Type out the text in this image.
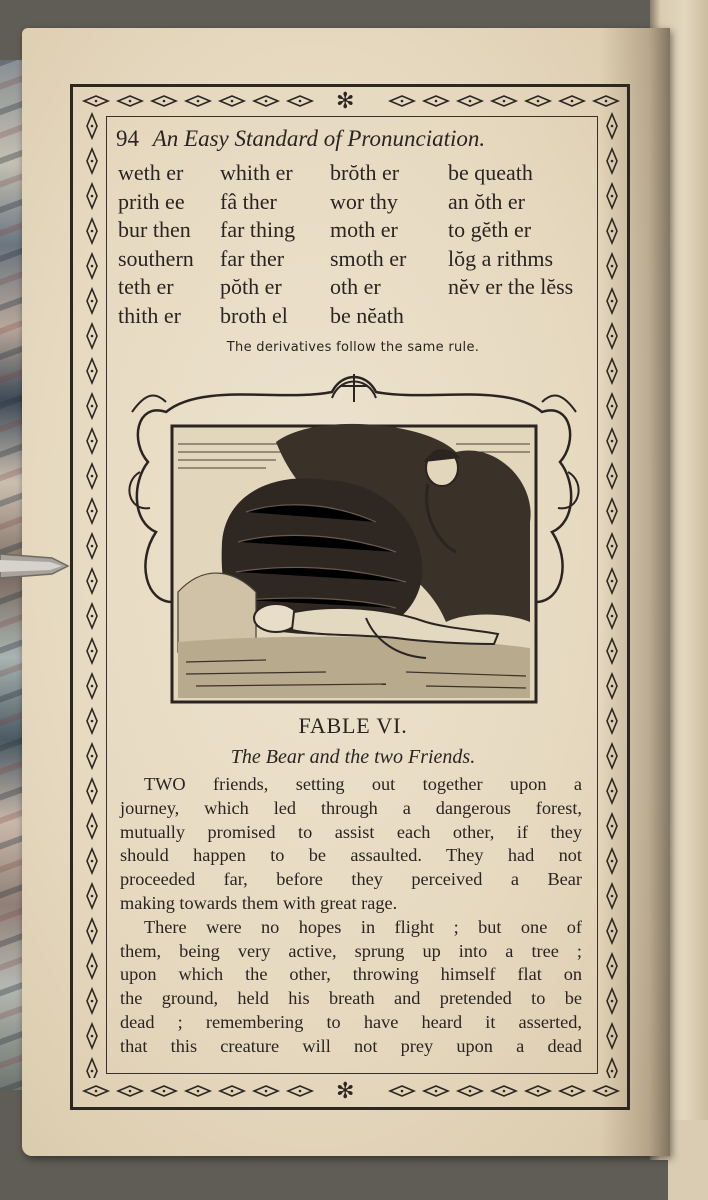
✻
✻
94 An Easy Standard of Pronunciation.
weth er whith er brŏth er be queath
prith ee fâ ther wor thy an ŏth er
bur then far thing moth er to gĕth er
southern far ther smoth er lŏg a rithms
teth er pŏth er oth er	nĕv er the lĕss
thith er broth el be nĕath
The derivatives follow the same rule.
FABLE VI.
The Bear and the two Friends.
TWO friends, setting out together upon a
journey, which led through a dangerous forest,
mutually promised to assist each other, if they
should happen to be assaulted. They had not
proceeded far, before they perceived a Bear
making towards them with great rage.
There were no hopes in flight ; but one of
them, being very active, sprung up into a tree ;
upon which the other, throwing himself flat on
the ground, held his breath and pretended to be
dead ; remembering to have heard it asserted,
that this creature will not prey upon a dead
